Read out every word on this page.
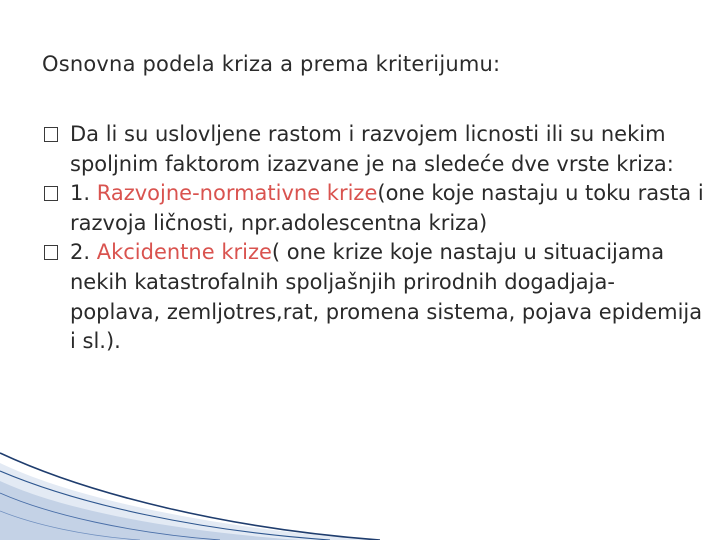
Osnovna podela kriza a prema kriterijumu:

Da li su uslovljene rastom i razvojem licnosti ili su nekim spoljnim faktorom izazvane je na sledeće dve vrste kriza:

1. Razvojne-normativne krize(one koje nastaju u toku rasta i razvoja ličnosti, npr.adolescentna kriza)

2. Akcidentne krize( one krize koje nastaju u situacijama nekih katastrofalnih spoljašnjih prirodnih dogadjaja-poplava, zemljotres,rat, promena sistema, pojava epidemija i sl.).
